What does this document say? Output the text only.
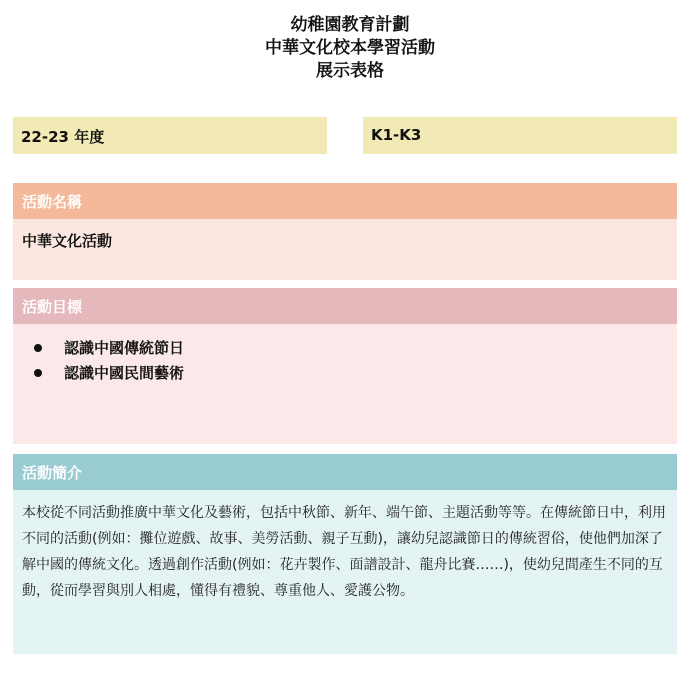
幼稚園教育計劃
中華文化校本學習活動
展示表格
22-23 年度	K1-K3
活動名稱
中華文化活動
活動目標
認識中國傳統節日
認識中國民間藝術
活動簡介
本校從不同活動推廣中華文化及藝術，包括中秋節、新年、端午節、主題活動等等。在傳統節日中，利用不同的活動(例如：攤位遊戲、故事、美勞活動、親子互動)，讓幼兒認識節日的傳統習俗，使他們加深了解中國的傳統文化。透過創作活動(例如：花卉製作、面譜設計、龍舟比賽……)，使幼兒間產生不同的互動，從而學習與別人相處，懂得有禮貌、尊重他人、愛護公物。
